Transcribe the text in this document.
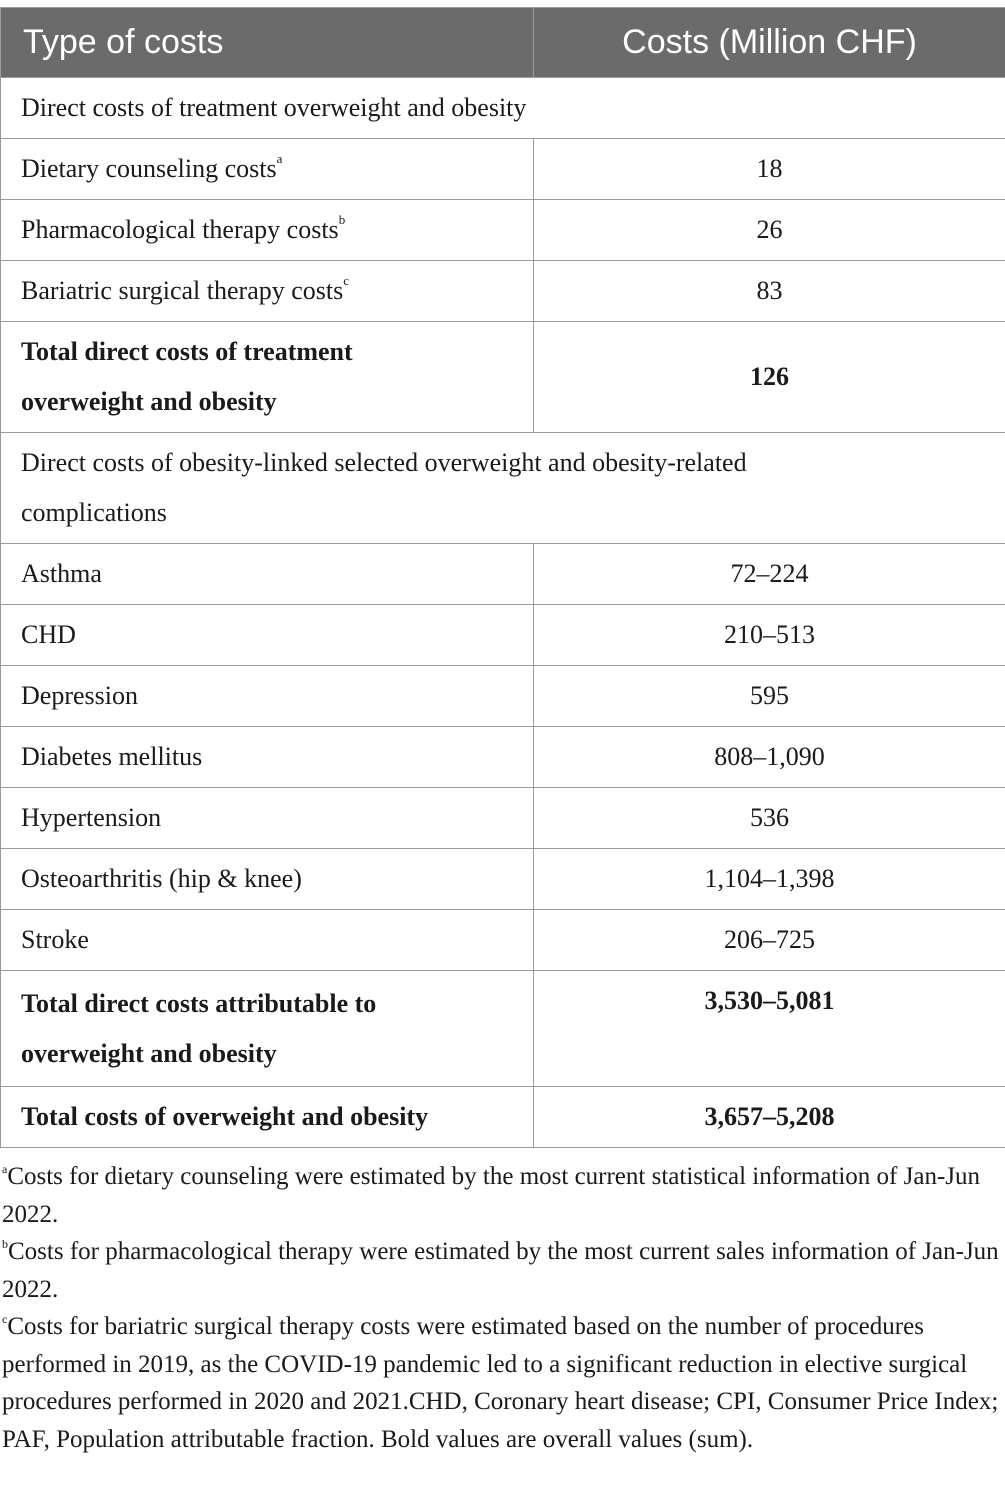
Type of costs	Costs (Million CHF)
Direct costs of treatment overweight and obesity	
Dietary counseling costs$^a$	18
Pharmacological therapy costs$^b$	26
Bariatric surgical therapy costs$^c$	83
Total direct costs of treatment overweight and obesity	126
Direct costs of obesity-linked selected overweight and obesity-related complications	
Asthma	72–224
CHD	210–513
Depression	595
Diabetes mellitus	808–1,090
Hypertension	536
Osteoarthritis (hip & knee)	1,104–1,398
Stroke	206–725
Total direct costs attributable to overweight and obesity	3,530–5,081
Total costs of overweight and obesity	3,657–5,208

$^a$Costs for dietary counseling were estimated by the most current statistical information of Jan-Jun 2022.

$^b$Costs for pharmacological therapy were estimated by the most current sales information of Jan-Jun 2022.

$^c$Costs for bariatric surgical therapy costs were estimated based on the number of procedures performed in 2019, as the COVID-19 pandemic led to a significant reduction in elective surgical procedures performed in 2020 and 2021.CHD, Coronary heart disease; CPI, Consumer Price Index; PAF, Population attributable fraction. Bold values are overall values (sum).
